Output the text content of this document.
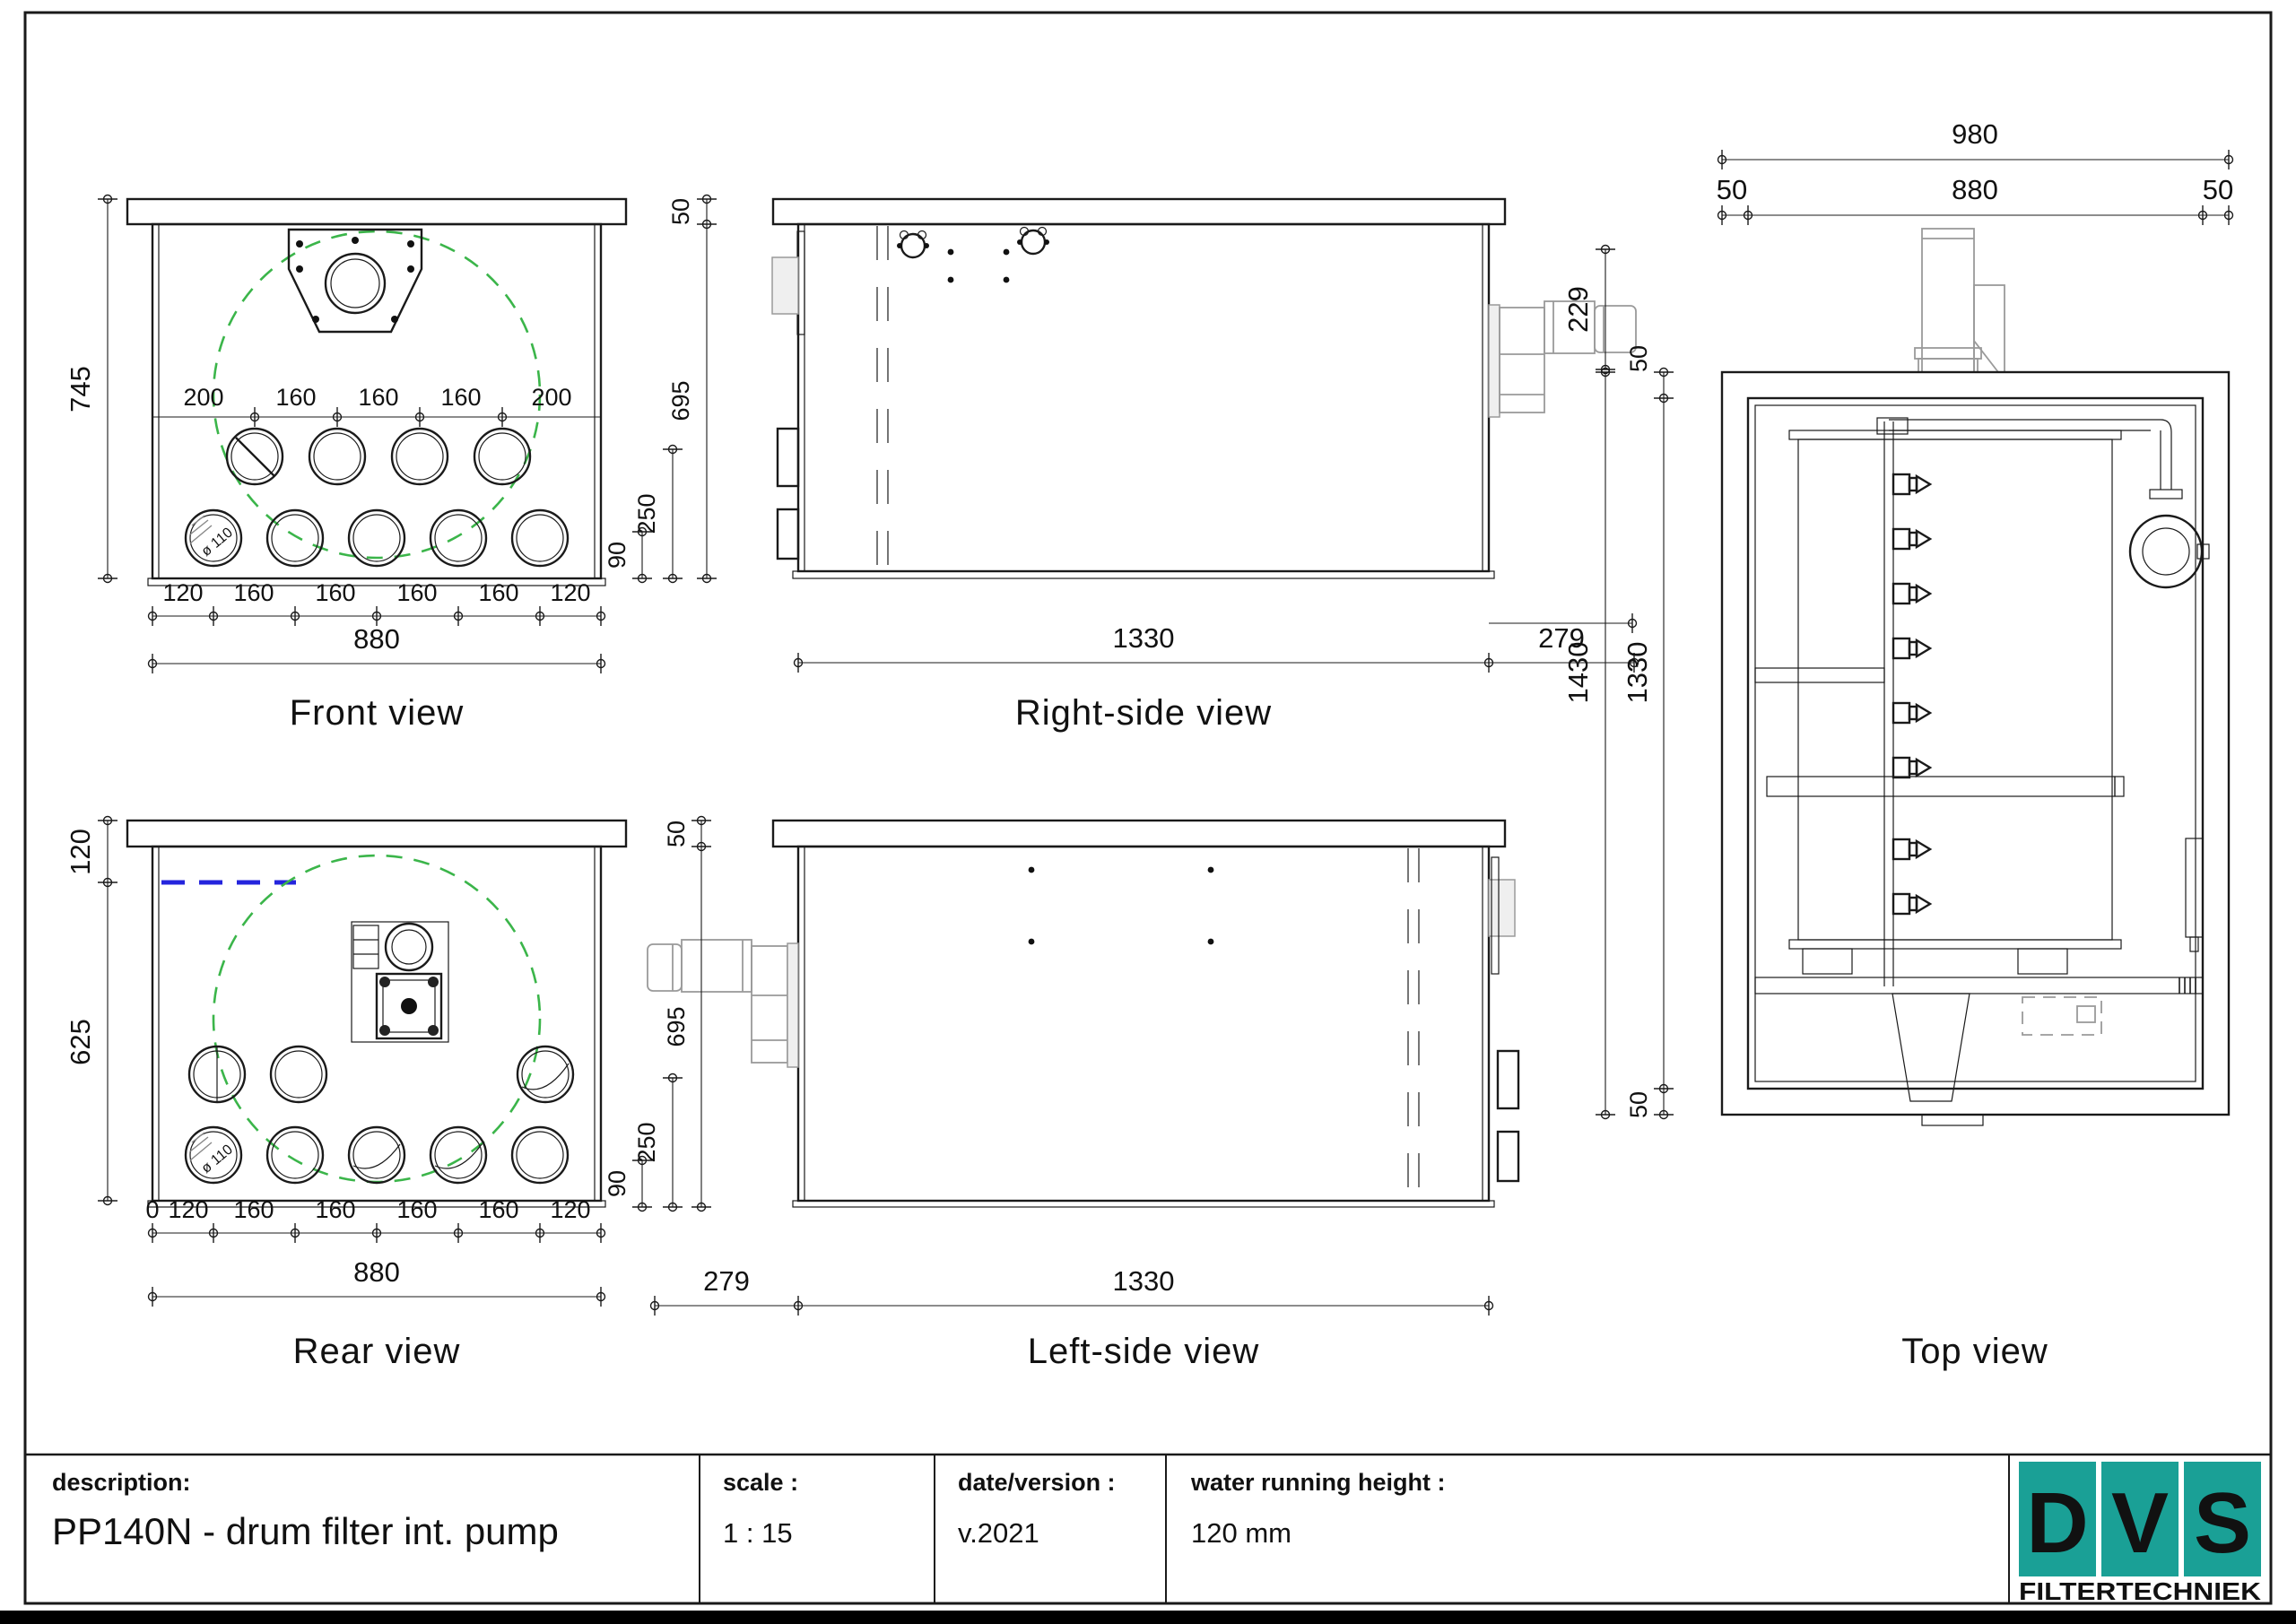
ø 110
200 160 160 160 200
120 160 160 160 160 120
880
745
Front view
229
1330	279
50
695
250
90
Right-side view
ø 110
120
625
0 120 160 160 160 160 120
880
Rear view
50
695
250
90
279	1330
Left-side view
980
50	880	50
1430
50
1330
50
Top view
description:
PP140N - drum filter int. pump
scale :
1 : 15
date/version :
v.2021
water running height :
120 mm	D V S
FILTERTECHNIEK
